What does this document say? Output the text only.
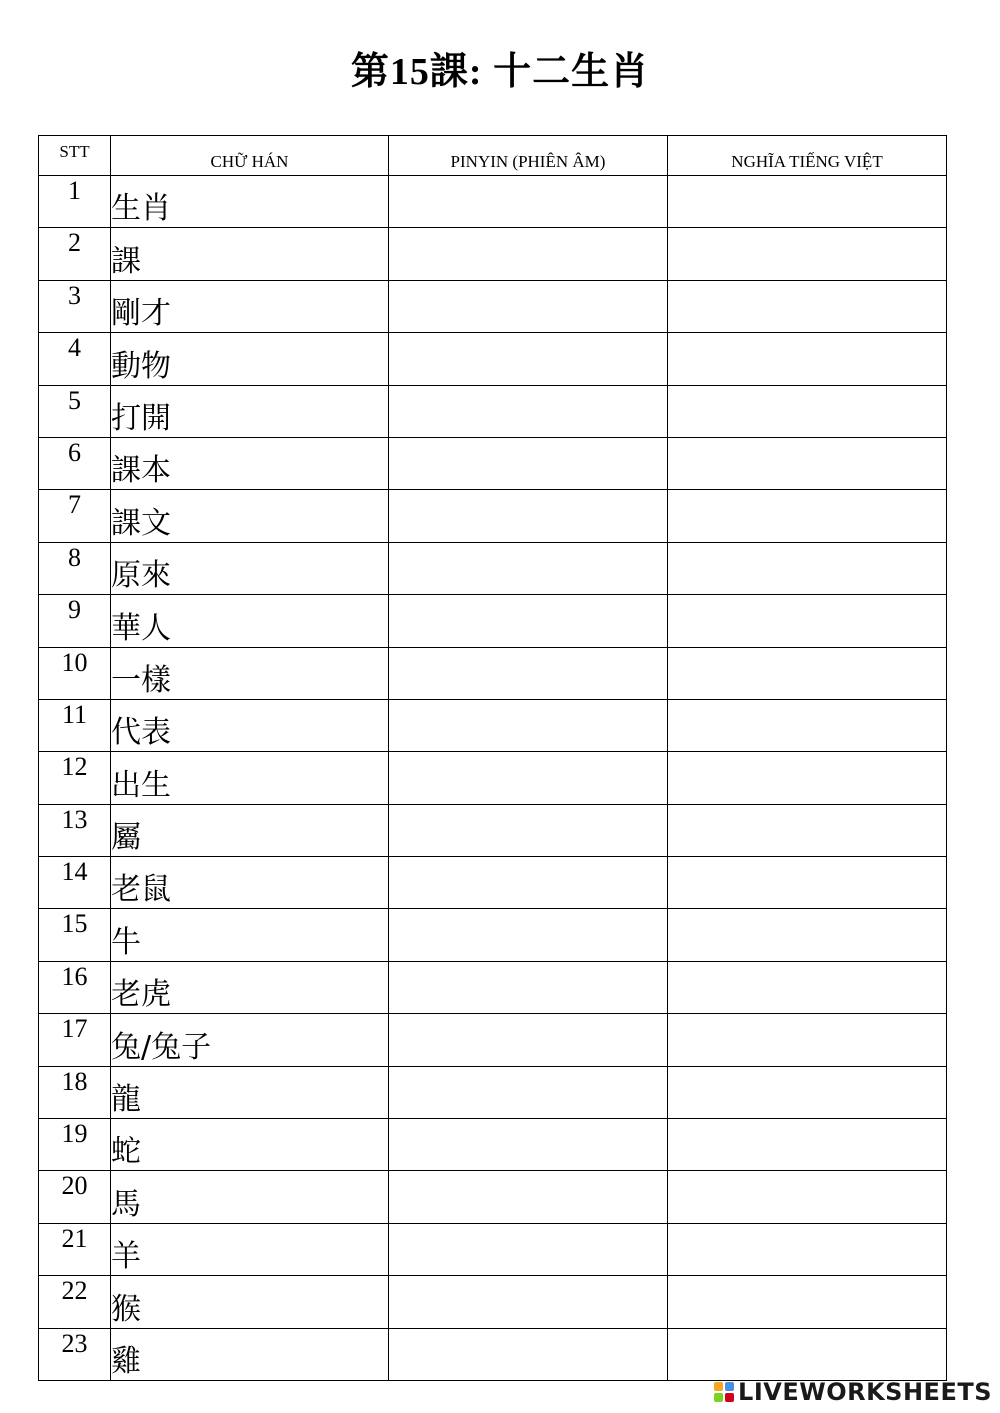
第15課: 十二生肖
STT	CHỮ HÁN	PINYIN (PHIÊN ÂM)	NGHĨA TIẾNG VIỆT
1	生肖		
2	課		
3	剛才		
4	動物		
5	打開		
6	課本		
7	課文		
8	原來		
9	華人		
10	一樣		
11	代表		
12	出生		
13	屬		
14	老鼠		
15	牛		
16	老虎		
17	兔/兔子		
18	龍		
19	蛇		
20	馬		
21	羊		
22	猴		
23	雞		
LIVEWORKSHEETS
